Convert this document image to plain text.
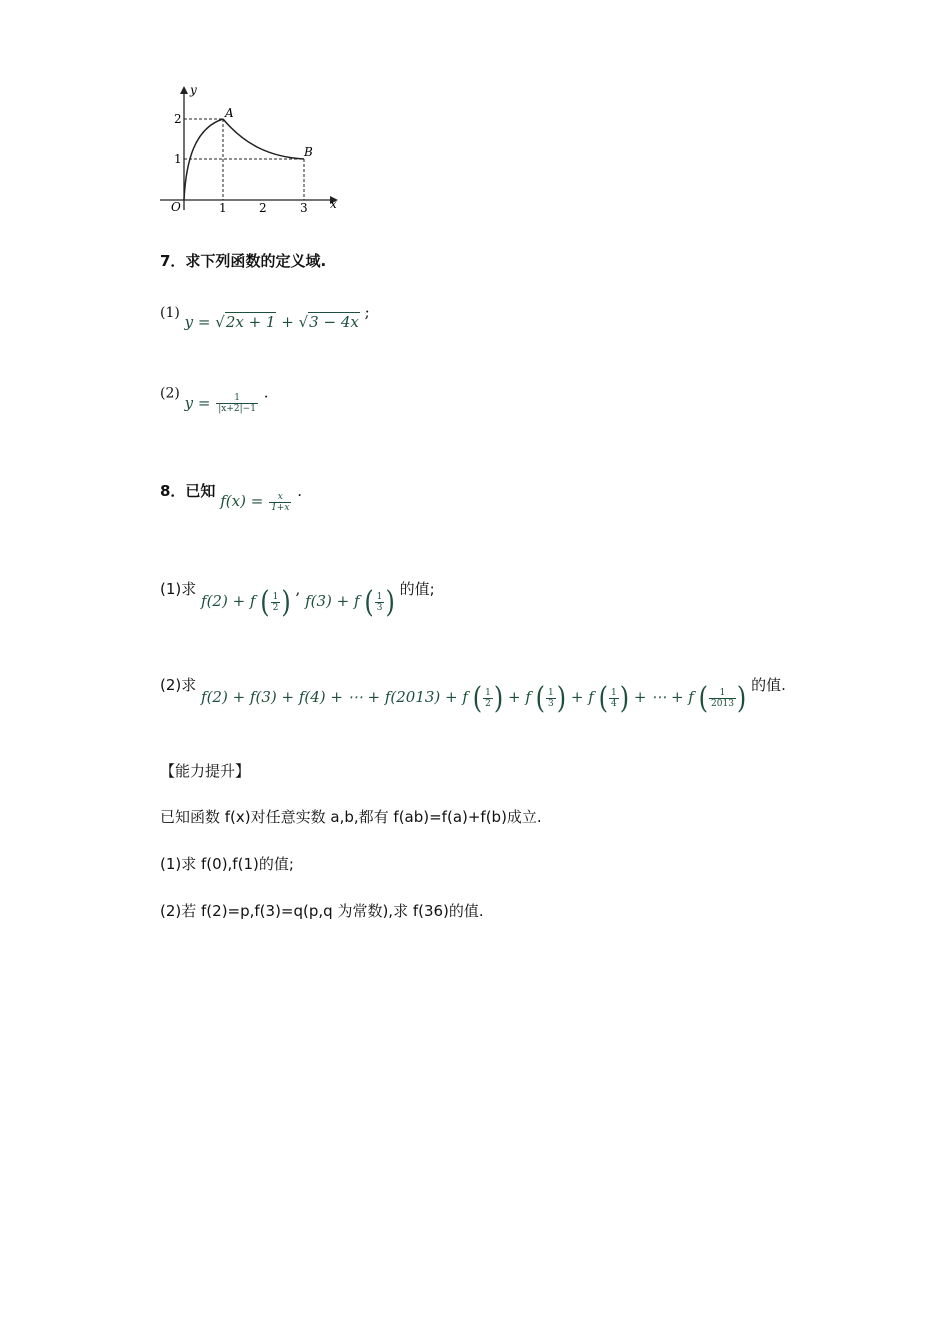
y
x
O
A
B
2
1
1	2	3
7．求下列函数的定义域.
(1) y = √2x + 1 + √3 − 4x ;
(2) $y = \frac{1}{|x+2|-1}$
.
8．已知 $f(x) = \frac{x}{1+x}$
.
(1)求 f(2) + f ( $\frac{1}{2}$ ) , f(3) + f ( $\frac{1}{3}$ ) 的值;
(2)求 f(2) + f(3) + f(4) + ⋯ + f(2013) + f ( $\frac{1}{2}$ ) + f ( $\frac{1}{3}$ ) + f ( $\frac{1}{4}$ ) + ⋯ + f ( $\frac{1}{2013}$ ) 的值.
【能力提升】
已知函数 f(x)对任意实数 a,b,都有 f(ab)=f(a)+f(b)成立.
(1)求 f(0),f(1)的值;
(2)若 f(2)=p,f(3)=q(p,q 为常数),求 f(36)的值.
